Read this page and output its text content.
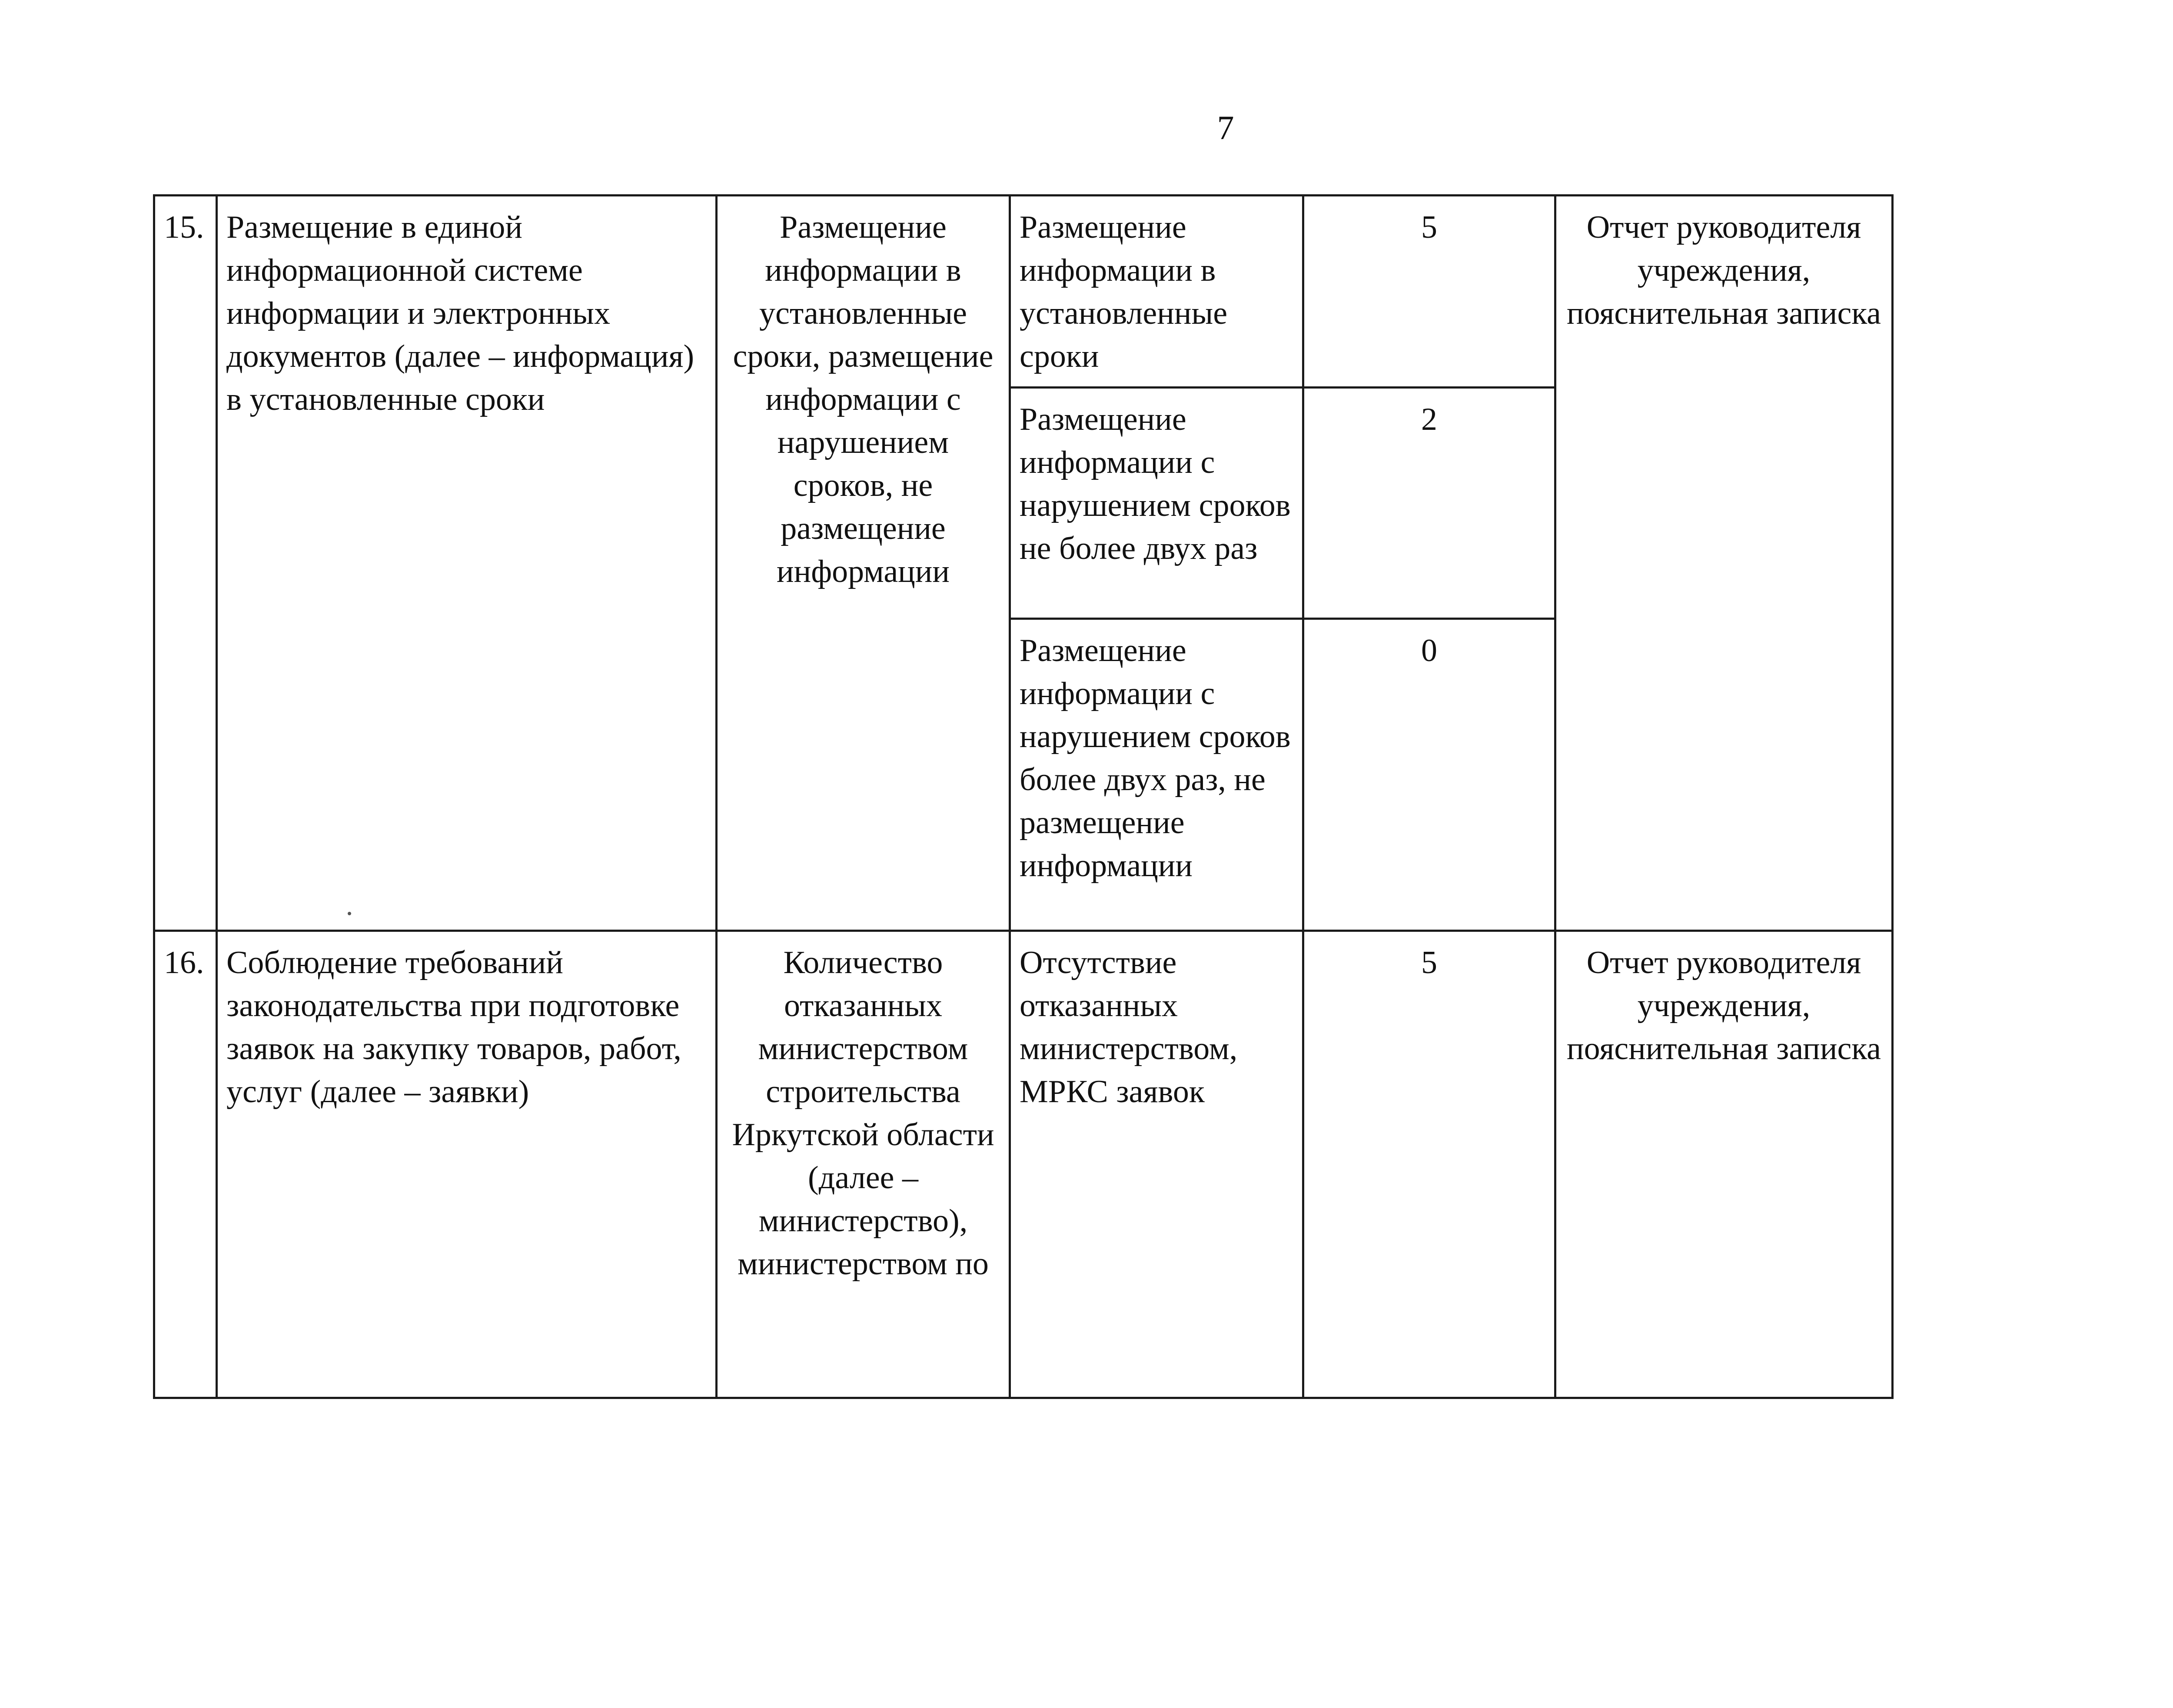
7
15.	Размещение в единой информационной системе информации и электронных документов (далее – информация) в установленные сроки	Размещение информации в установленные сроки, размещение информации с нарушением сроков, не размещение информации	Размещение информации в установленные сроки	5	Отчет руководителя учреждения, пояснительная записка
			Размещение информации с нарушением сроков не более двух раз	2	
			Размещение информации с нарушением сроков более двух раз, не размещение информации	0	
16.	Соблюдение требований законодательства при подготовке заявок на закупку товаров, работ, услуг (далее – заявки)	Количество отказанных министерством строительства Иркутской области (далее – министерство), министерством по	Отсутствие отказанных министерством, МРКС заявок	5	Отчет руководителя учреждения, пояснительная записка
